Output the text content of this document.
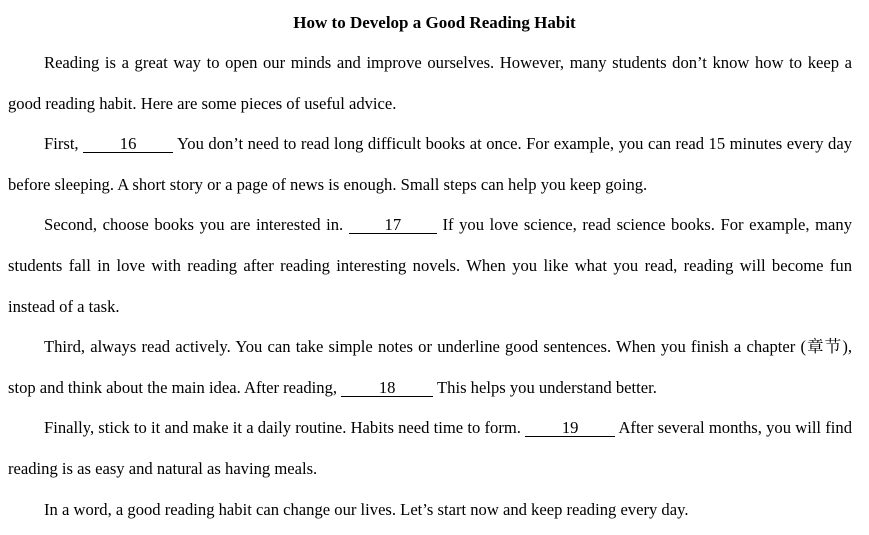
How to Develop a Good Reading Habit

Reading is a great way to open our minds and improve ourselves. However, many students don’t know how to keep a good reading habit. Here are some pieces of useful advice.

First, 16 You don’t need to read long difficult books at once. For example, you can read 15 minutes every day before sleeping. A short story or a page of news is enough. Small steps can help you keep going.

Second, choose books you are interested in. 17 If you love science, read science books. For example, many students fall in love with reading after reading interesting novels. When you like what you read, reading will become fun instead of a task.

Third, always read actively. You can take simple notes or underline good sentences. When you finish a chapter (章节), stop and think about the main idea. After reading, 18 This helps you understand better.

Finally, stick to it and make it a daily routine. Habits need time to form. 19 After several months, you will find reading is as easy and natural as having meals.

In a word, a good reading habit can change our lives. Let’s start now and keep reading every day.
